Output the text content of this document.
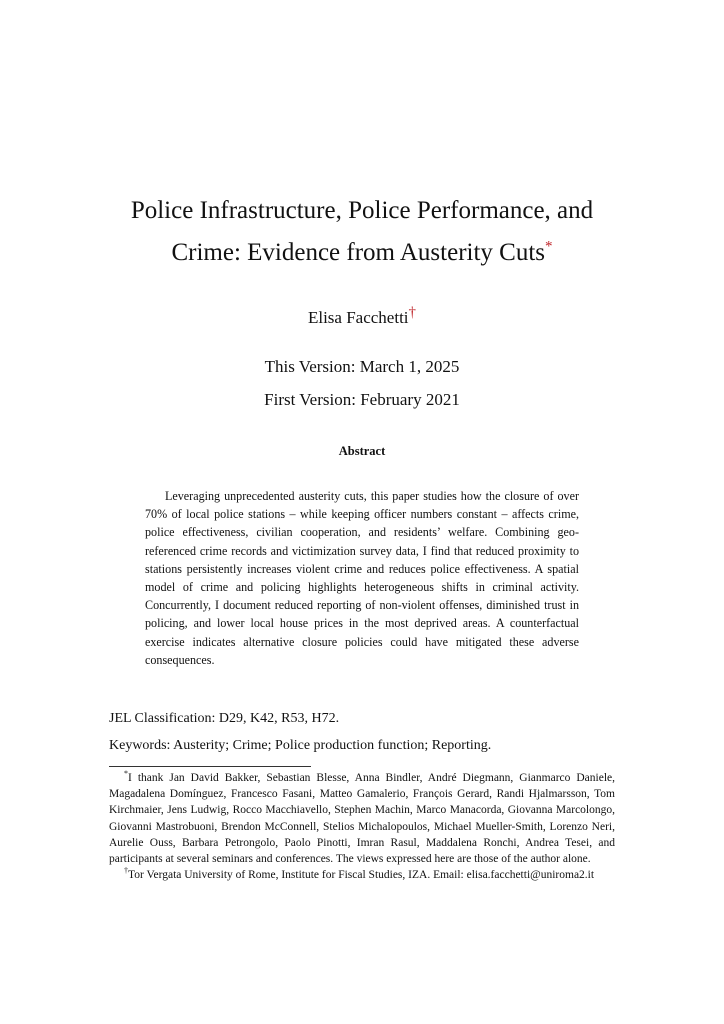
Police Infrastructure, Police Performance, and
Crime: Evidence from Austerity Cuts*
Elisa Facchetti†
This Version: March 1, 2025
First Version: February 2021
Abstract

Leveraging unprecedented austerity cuts, this paper studies how the closure of over 70% of local police stations – while keeping officer numbers constant – affects crime, police effectiveness, civilian cooperation, and residents’ welfare. Combining geo-referenced crime records and victimization survey data, I find that reduced proximity to stations persistently increases violent crime and reduces police effectiveness. A spatial model of crime and policing highlights heterogeneous shifts in criminal activity. Concurrently, I document reduced reporting of non-violent offenses, diminished trust in policing, and lower local house prices in the most deprived areas. A counterfactual exercise indicates alternative closure policies could have mitigated these adverse consequences.

JEL Classification: D29, K42, R53, H72.
Keywords: Austerity; Crime; Police production function; Reporting.

*I thank Jan David Bakker, Sebastian Blesse, Anna Bindler, André Diegmann, Gianmarco Daniele, Magadalena Domínguez, Francesco Fasani, Matteo Gamalerio, François Gerard, Randi Hjalmarsson, Tom Kirchmaier, Jens Ludwig, Rocco Macchiavello, Stephen Machin, Marco Manacorda, Giovanna Marcolongo, Giovanni Mastrobuoni, Brendon McConnell, Stelios Michalopoulos, Michael Mueller-Smith, Lorenzo Neri, Aurelie Ouss, Barbara Petrongolo, Paolo Pinotti, Imran Rasul, Maddalena Ronchi, Andrea Tesei, and participants at several seminars and conferences. The views expressed here are those of the author alone.

†Tor Vergata University of Rome, Institute for Fiscal Studies, IZA. Email: elisa.facchetti@uniroma2.it
